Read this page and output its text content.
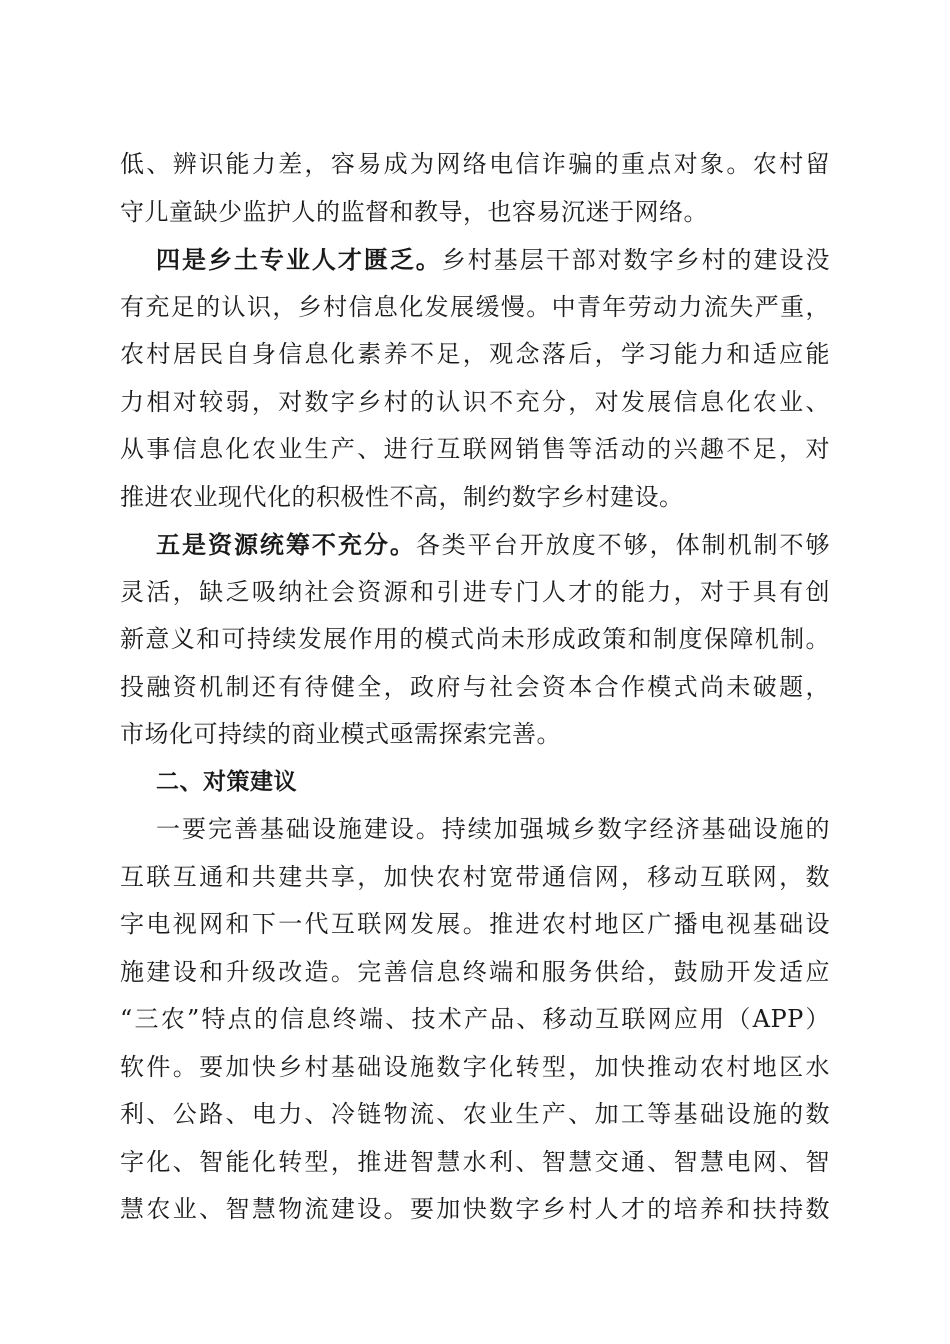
低、辨识能力差，容易成为网络电信诈骗的重点对象。农村留
守儿童缺少监护人的监督和教导，也容易沉迷于网络。
四是乡土专业人才匮乏。乡村基层干部对数字乡村的建设没
有充足的认识，乡村信息化发展缓慢。中青年劳动力流失严重，
农村居民自身信息化素养不足，观念落后，学习能力和适应能
力相对较弱，对数字乡村的认识不充分，对发展信息化农业、
从事信息化农业生产、进行互联网销售等活动的兴趣不足，对
推进农业现代化的积极性不高，制约数字乡村建设。
五是资源统筹不充分。各类平台开放度不够，体制机制不够
灵活，缺乏吸纳社会资源和引进专门人才的能力，对于具有创
新意义和可持续发展作用的模式尚未形成政策和制度保障机制。
投融资机制还有待健全，政府与社会资本合作模式尚未破题，
市场化可持续的商业模式亟需探索完善。
二、对策建议
一要完善基础设施建设。持续加强城乡数字经济基础设施的
互联互通和共建共享，加快农村宽带通信网，移动互联网，数
字电视网和下一代互联网发展。推进农村地区广播电视基础设
施建设和升级改造。完善信息终端和服务供给，鼓励开发适应
“三农”特点的信息终端、技术产品、移动互联网应用（APP）
软件。要加快乡村基础设施数字化转型，加快推动农村地区水
利、公路、电力、冷链物流、农业生产、加工等基础设施的数
字化、智能化转型，推进智慧水利、智慧交通、智慧电网、智
慧农业、智慧物流建设。要加快数字乡村人才的培养和扶持数
